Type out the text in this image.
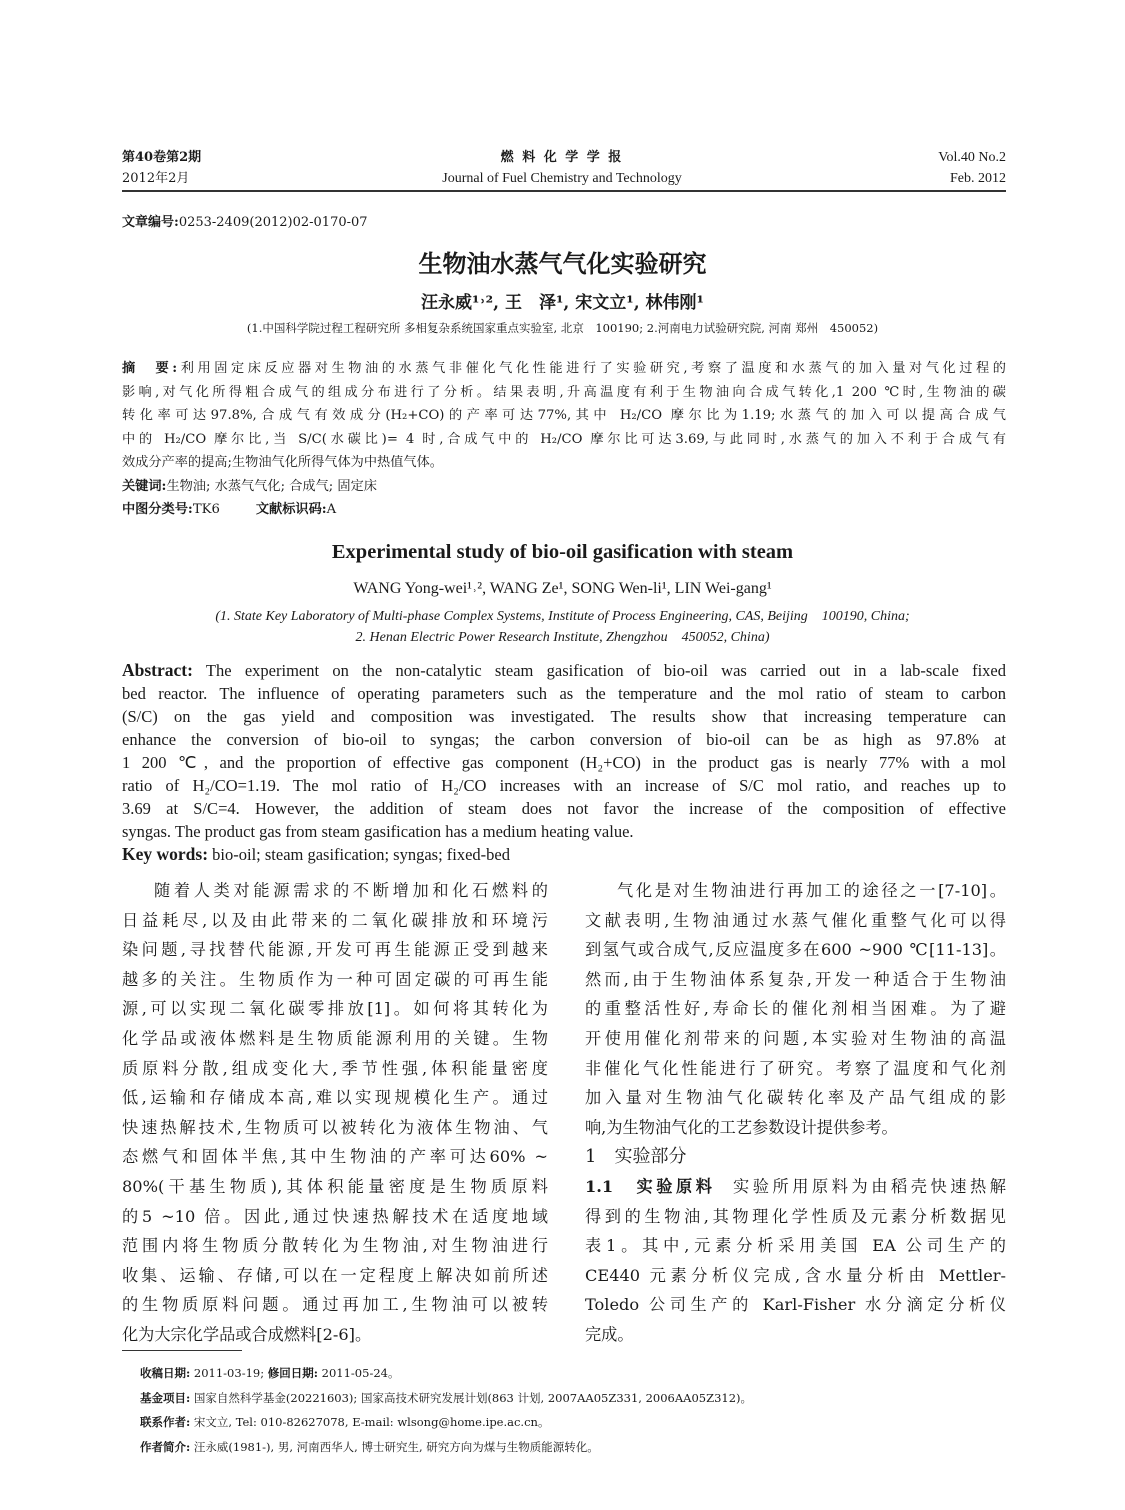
第40卷第2期
2012年2月
燃 料 化 学 学 报
Journal of Fuel Chemistry and Technology
Vol.40 No.2
Feb. 2012
文章编号:0253-2409(2012)02-0170-07
生物油水蒸气气化实验研究
汪永威¹˒², 王　泽¹, 宋文立¹, 林伟刚¹
(1.中国科学院过程工程研究所 多相复杂系统国家重点实验室, 北京　100190; 2.河南电力试验研究院, 河南 郑州　450052)
摘　要:利用固定床反应器对生物油的水蒸气非催化气化性能进行了实验研究,考察了温度和水蒸气的加入量对气化过程的
影响,对气化所得粗合成气的组成分布进行了分析。结果表明,升高温度有利于生物油向合成气转化,1 200 ℃时,生物油的碳
转化率可达97.8%,合成气有效成分(H₂+CO)的产率可达77%,其中 H₂/CO 摩尔比为1.19;水蒸气的加入可以提高合成气
中的 H₂/CO 摩尔比,当 S/C(水碳比)= 4 时,合成气中的 H₂/CO 摩尔比可达3.69,与此同时,水蒸气的加入不利于合成气有
效成分产率的提高;生物油气化所得气体为中热值气体。
关键词:生物油; 水蒸气气化; 合成气; 固定床
中图分类号:TK6	文献标识码:A
Experimental study of bio-oil gasification with steam
WANG Yong-wei¹˒², WANG Ze¹, SONG Wen-li¹, LIN Wei-gang¹
(1. State Key Laboratory of Multi-phase Complex Systems, Institute of Process Engineering, CAS, Beijing　100190, China;
2. Henan Electric Power Research Institute, Zhengzhou　450052, China)
Abstract: The experiment on the non-catalytic steam gasification of bio-oil was carried out in a lab-scale fixed
bed reactor. The influence of operating parameters such as the temperature and the mol ratio of steam to carbon
(S/C) on the gas yield and composition was investigated. The results show that increasing temperature can
enhance the conversion of bio-oil to syngas; the carbon conversion of bio-oil can be as high as 97.8% at
1 200 ℃, and the proportion of effective gas component (H₂+CO) in the product gas is nearly 77% with a mol
ratio of H₂/CO=1.19. The mol ratio of H₂/CO increases with an increase of S/C mol ratio, and reaches up to
3.69 at S/C=4. However, the addition of steam does not favor the increase of the composition of effective
syngas. The product gas from steam gasification has a medium heating value.
Key words: bio-oil; steam gasification; syngas; fixed-bed
随着人类对能源需求的不断增加和化石燃料的
日益耗尽,以及由此带来的二氧化碳排放和环境污
染问题,寻找替代能源,开发可再生能源正受到越来
越多的关注。生物质作为一种可固定碳的可再生能
源,可以实现二氧化碳零排放[1]。如何将其转化为
化学品或液体燃料是生物质能源利用的关键。生物
质原料分散,组成变化大,季节性强,体积能量密度
低,运输和存储成本高,难以实现规模化生产。通过
快速热解技术,生物质可以被转化为液体生物油、气
态燃气和固体半焦,其中生物油的产率可达60% ~
80%(干基生物质),其体积能量密度是生物质原料
的5 ~10 倍。因此,通过快速热解技术在适度地域
范围内将生物质分散转化为生物油,对生物油进行
收集、运输、存储,可以在一定程度上解决如前所述
的生物质原料问题。通过再加工,生物油可以被转
化为大宗化学品或合成燃料[2-6]。
气化是对生物油进行再加工的途径之一[7-10]。
文献表明,生物油通过水蒸气催化重整气化可以得
到氢气或合成气,反应温度多在600 ~900 ℃[11-13]。
然而,由于生物油体系复杂,开发一种适合于生物油
的重整活性好,寿命长的催化剂相当困难。为了避
开使用催化剂带来的问题,本实验对生物油的高温
非催化气化性能进行了研究。考察了温度和气化剂
加入量对生物油气化碳转化率及产品气组成的影
响,为生物油气化的工艺参数设计提供参考。
1　实验部分
1.1　实验原料 实验所用原料为由稻壳快速热解
得到的生物油,其物理化学性质及元素分析数据见
表1。其中,元素分析采用美国 EA 公司生产的
CE440 元素分析仪完成,含水量分析由 Mettler-
Toledo 公司生产的 Karl-Fisher 水分滴定分析仪
完成。
收稿日期: 2011-03-19; 修回日期: 2011-05-24。
基金项目: 国家自然科学基金(20221603); 国家高技术研究发展计划(863 计划, 2007AA05Z331, 2006AA05Z312)。
联系作者: 宋文立, Tel: 010-82627078, E-mail: wlsong@home.ipe.ac.cn。
作者简介: 汪永威(1981-), 男, 河南西华人, 博士研究生, 研究方向为煤与生物质能源转化。
